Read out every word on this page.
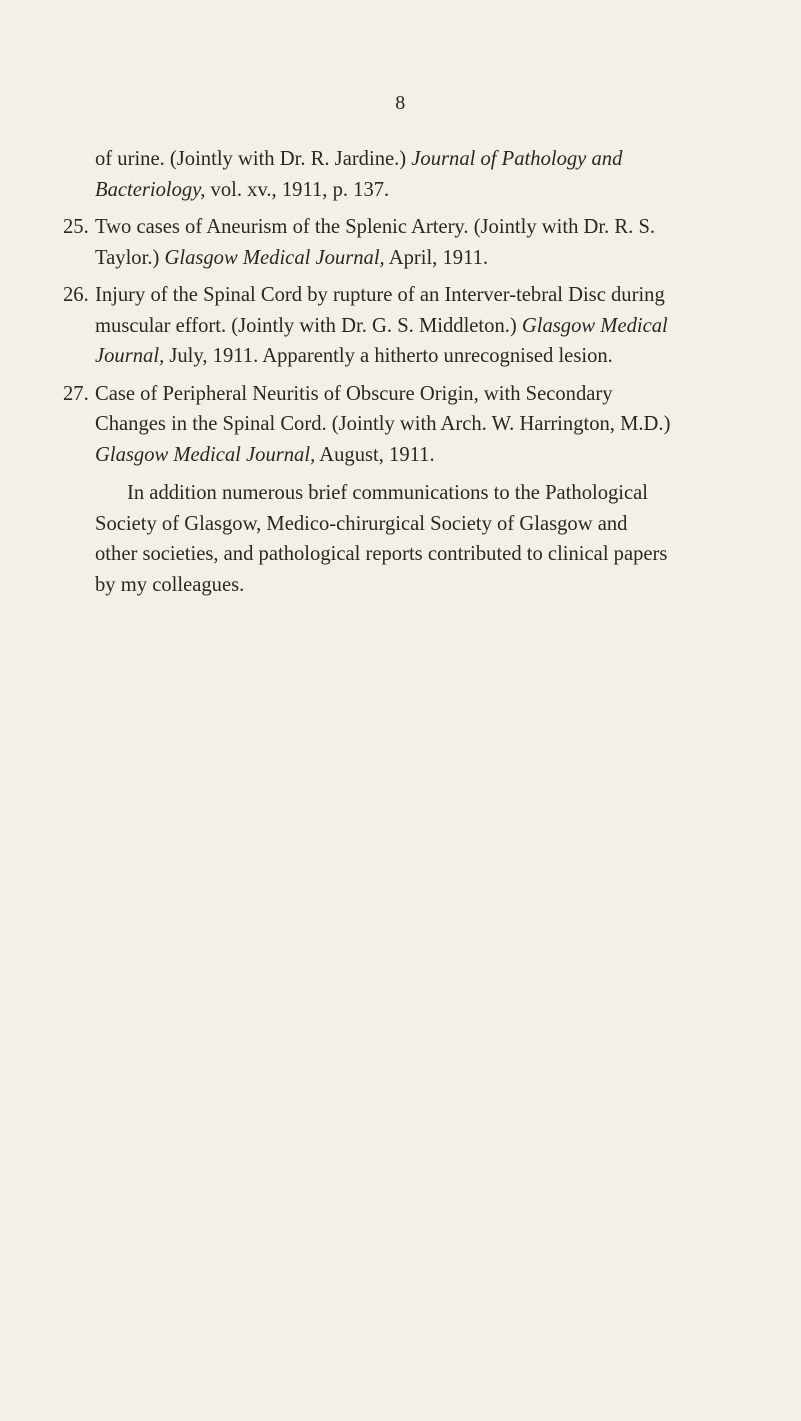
8

of urine. (Jointly with Dr. R. Jardine.) Journal of Pathology and Bacteriology, vol. xv., 1911, p. 137.

25. Two cases of Aneurism of the Splenic Artery. (Jointly with Dr. R. S. Taylor.) Glasgow Medical Journal, April, 1911.

26. Injury of the Spinal Cord by rupture of an Interver-tebral Disc during muscular effort. (Jointly with Dr. G. S. Middleton.) Glasgow Medical Journal, July, 1911. Apparently a hitherto unrecognised lesion.

27. Case of Peripheral Neuritis of Obscure Origin, with Secondary Changes in the Spinal Cord. (Jointly with Arch. W. Harrington, M.D.) Glasgow Medical Journal, August, 1911.

In addition numerous brief communications to the Pathological Society of Glasgow, Medico-chirurgical Society of Glasgow and other societies, and pathological reports contributed to clinical papers by my colleagues.
